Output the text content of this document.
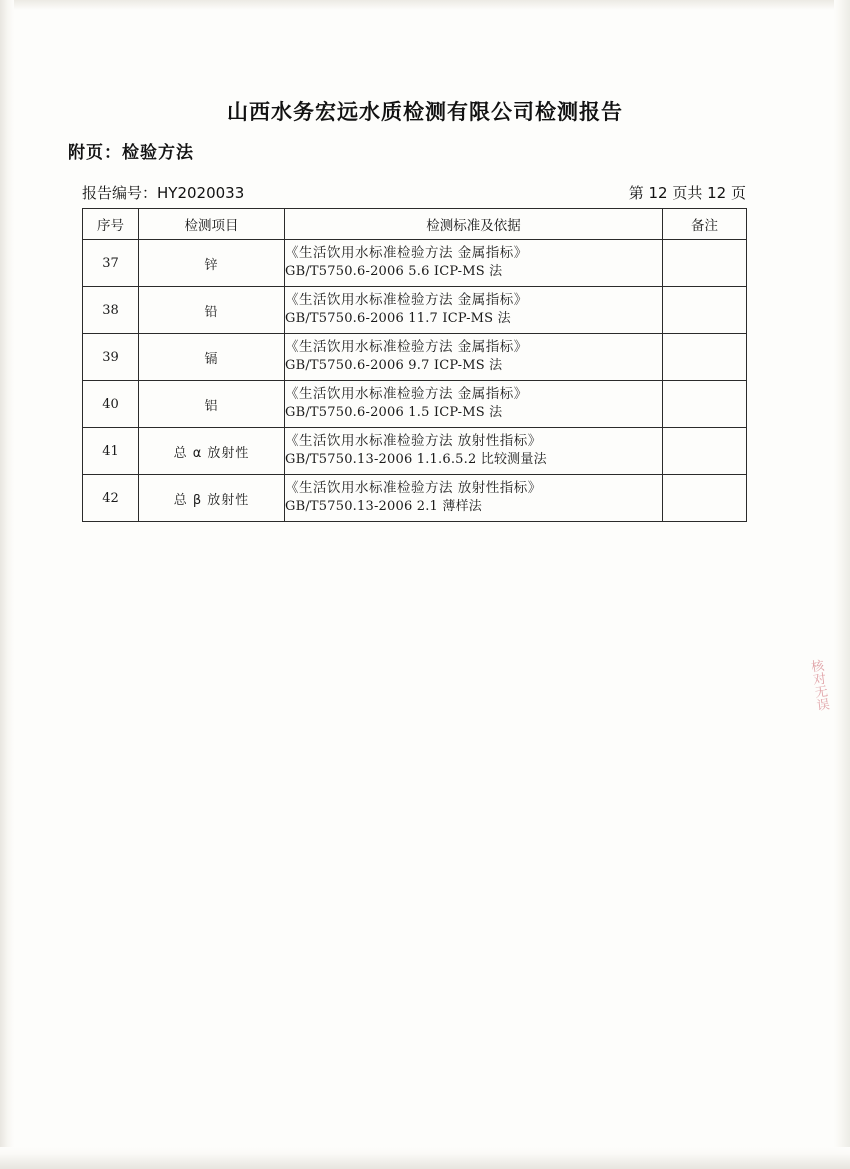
山西水务宏远水质检测有限公司检测报告
附页：检验方法
报告编号：HY2020033	第 12 页共 12 页
序号	检测项目	检测标准及依据	备注
37	锌	《生活饮用水标准检验方法 金属指标》
GB/T5750.6-2006 5.6 ICP-MS 法	

38	铅	《生活饮用水标准检验方法 金属指标》
GB/T5750.6-2006 11.7 ICP-MS 法	

39	镉	《生活饮用水标准检验方法 金属指标》
GB/T5750.6-2006 9.7 ICP-MS 法	

40	铝	《生活饮用水标准检验方法 金属指标》
GB/T5750.6-2006 1.5 ICP-MS 法	

41	总 α 放射性	《生活饮用水标准检验方法 放射性指标》
GB/T5750.13-2006 1.1.6.5.2 比较测量法	

42	总 β 放射性	《生活饮用水标准检验方法 放射性指标》
GB/T5750.13-2006 2.1 薄样法	

核对无误
